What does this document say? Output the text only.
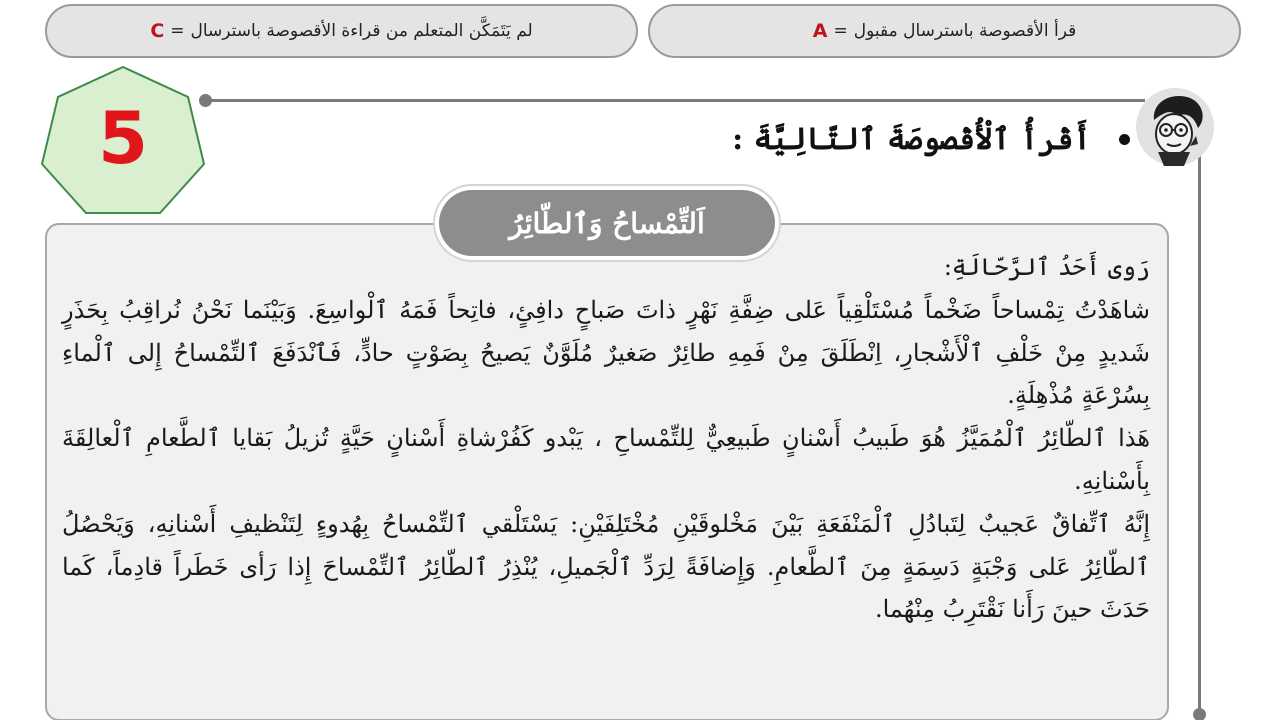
قرأ الأقصوصة باسترسال مقبول
=
A
لم يَتَمَكَّن المتعلم من قراءة الأقصوصة باسترسال
=
C
5	أَقْرأُ ٱلْأُقْصوصَةَ ٱلتّالِيَّةَ :
اَلتِّمْساحُ وَٱلطّائِرُ

رَوى أَحَدُ ٱلرَّحّالَةِ:

شاهَدْتُ تِمْساحاً ضَخْماً مُسْتَلْقِياً عَلى ضِفَّةِ نَهْرٍ ذاتَ صَباحٍ دافِئٍ، فاتِحاً فَمَهُ ٱلْواسِعَ. وَبَيْنَما نَحْنُ نُراقِبُ بِحَذَرٍ شَديدٍ مِنْ خَلْفِ ٱلْأَشْجارِ، اِنْطَلَقَ مِنْ فَمِهِ طائِرٌ صَغيرٌ مُلَوَّنٌ يَصيحُ بِصَوْتٍ حادٍّ، فَٱنْدَفَعَ ٱلتِّمْساحُ إِلى ٱلْماءِ بِسُرْعَةٍ مُذْهِلَةٍ.

هَذا ٱلطّائِرُ ٱلْمُمَيَّزُ هُوَ طَبيبُ أَسْنانٍ طَبيعِيٌّ لِلتِّمْساحِ ، يَبْدو كَفُرْشاةِ أَسْنانٍ حَيَّةٍ تُزيلُ بَقايا ٱلطَّعامِ ٱلْعالِقَةَ بِأَسْنانِهِ.

إِنَّهُ ٱتِّفاقٌ عَجيبٌ لِتَبادُلِ ٱلْمَنْفَعَةِ بَيْنَ مَخْلوقَيْنِ مُخْتَلِفَيْنِ: يَسْتَلْقي ٱلتِّمْساحُ بِهُدوءٍ لِتَنْظيفِ أَسْنانِهِ، وَيَحْصُلُ ٱلطّائِرُ عَلى وَجْبَةٍ دَسِمَةٍ مِنَ ٱلطَّعامِ. وَإِضافَةً لِرَدِّ ٱلْجَميلِ، يُنْذِرُ ٱلطّائِرُ ٱلتِّمْساحَ إِذا رَأى خَطَراً قادِماً، كَما حَدَثَ حينَ رَأَنا نَقْتَرِبُ مِنْهُما.
